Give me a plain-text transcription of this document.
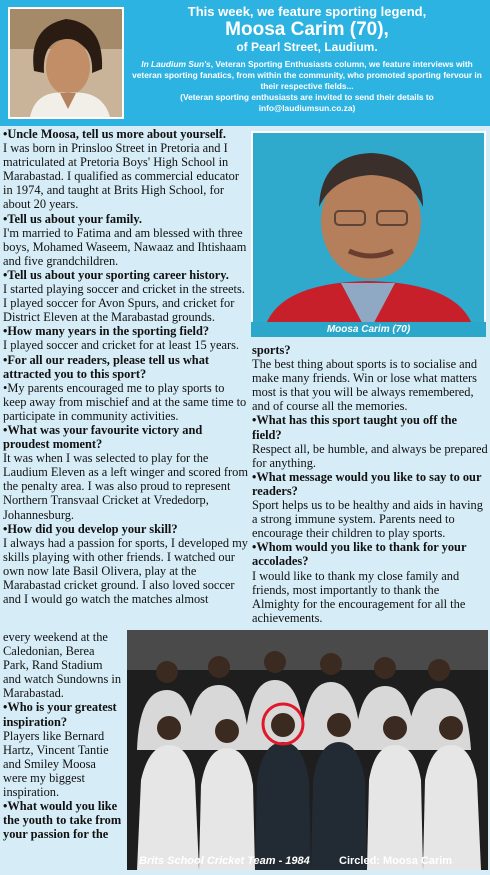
This week, we feature sporting legend,
Moosa Carim (70),
of Pearl Street, Laudium.
In Laudium Sun's, Veteran Sporting Enthusiasts column, we feature interviews with veteran sporting fanatics, from within the community, who promoted sporting fervour in their respective fields...
(Veteran sporting enthusiasts are invited to send their details to info@laudiumsun.co.za)

•Uncle Moosa, tell us more about yourself.

I was born in Prinsloo Street in Pretoria and I matriculated at Pretoria Boys' High School in Marabastad. I qualified as commercial educator in 1974, and taught at Brits High School, for about 20 years.

•Tell us about your family.

I'm married to Fatima and am blessed with three boys, Mohamed Waseem, Nawaaz and Ihtishaam and five grandchildren.

•Tell us about your sporting career history.

I started playing soccer and cricket in the streets. I played soccer for Avon Spurs, and cricket for District Eleven at the Marabastad grounds.

•How many years in the sporting field?

I played soccer and cricket for at least 15 years.

•For all our readers, please tell us what attracted you to this sport?

•My parents encouraged me to play sports to keep away from mischief and at the same time to participate in community activities.

•What was your favourite victory and proudest moment?

It was when I was selected to play for the Laudium Eleven as a left winger and scored from the penalty area. I was also proud to represent Northern Transvaal Cricket at Vrededorp, Johannesburg.

•How did you develop your skill?

I always had a passion for sports, I developed my skills playing with other friends. I watched our own now late Basil Olivera, play at the Marabastad cricket ground. I also loved soccer and I would go watch the matches almost

Moosa Carim (70)

sports?

The best thing about sports is to socialise and make many friends. Win or lose what matters most is that you will be always remembered, and of course all the memories.

•What has this sport taught you off the field?

Respect all, be humble, and always be prepared for anything.

•What message would you like to say to our readers?

Sport helps us to be healthy and aids in having a strong immune system. Parents need to encourage their children to play sports.

•Whom would you like to thank for your accolades?

I would like to thank my close family and friends, most importantly to thank the Almighty for the encouragement for all the achievements.

every weekend at the Caledonian, Berea Park, Rand Stadium and watch Sundowns in Marabastad.

•Who is your greatest inspiration?

Players like Bernard Hartz, Vincent Tantie and Smiley Moosa were my biggest inspiration.

•What would you like the youth to take from your passion for the

Brits School Cricket Team - 1984	Circled: Moosa Carim
